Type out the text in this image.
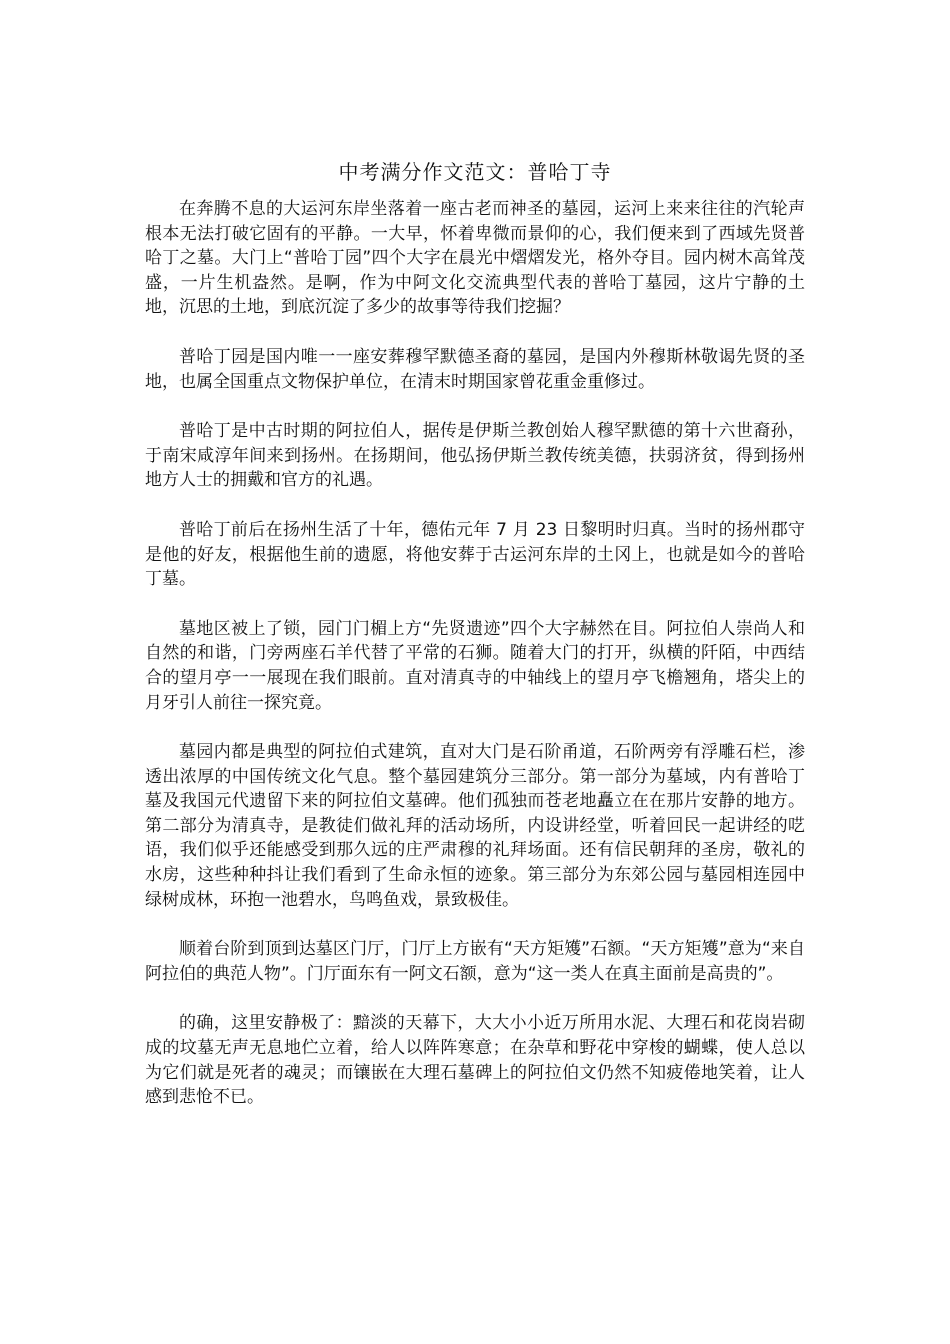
中考满分作文范文：普哈丁寺

在奔腾不息的大运河东岸坐落着一座古老而神圣的墓园，运河上来来往往的汽轮声根本无法打破它固有的平静。一大早，怀着卑微而景仰的心，我们便来到了西域先贤普哈丁之墓。大门上“普哈丁园”四个大字在晨光中熠熠发光，格外夺目。园内树木高耸茂盛，一片生机盎然。是啊，作为中阿文化交流典型代表的普哈丁墓园，这片宁静的土地，沉思的土地，到底沉淀了多少的故事等待我们挖掘？

普哈丁园是国内唯一一座安葬穆罕默德圣裔的墓园，是国内外穆斯林敬谒先贤的圣地，也属全国重点文物保护单位，在清末时期国家曾花重金重修过。

普哈丁是中古时期的阿拉伯人，据传是伊斯兰教创始人穆罕默德的第十六世裔孙，于南宋咸淳年间来到扬州。在扬期间，他弘扬伊斯兰教传统美德，扶弱济贫，得到扬州地方人士的拥戴和官方的礼遇。

普哈丁前后在扬州生活了十年，德佑元年 7 月 23 日黎明时归真。当时的扬州郡守是他的好友，根据他生前的遗愿，将他安葬于古运河东岸的土冈上，也就是如今的普哈丁墓。

墓地区被上了锁，园门门楣上方“先贤遗迹”四个大字赫然在目。阿拉伯人崇尚人和自然的和谐，门旁两座石羊代替了平常的石狮。随着大门的打开，纵横的阡陌，中西结合的望月亭一一展现在我们眼前。直对清真寺的中轴线上的望月亭飞檐翘角，塔尖上的月牙引人前往一探究竟。

墓园内都是典型的阿拉伯式建筑，直对大门是石阶甬道，石阶两旁有浮雕石栏，渗透出浓厚的中国传统文化气息。整个墓园建筑分三部分。第一部分为墓域，内有普哈丁墓及我国元代遗留下来的阿拉伯文墓碑。他们孤独而苍老地矗立在在那片安静的地方。第二部分为清真寺，是教徒们做礼拜的活动场所，内设讲经堂，听着回民一起讲经的呓语，我们似乎还能感受到那久远的庄严肃穆的礼拜场面。还有信民朝拜的圣房，敬礼的水房，这些种种抖让我们看到了生命永恒的迹象。第三部分为东郊公园与墓园相连园中绿树成林，环抱一池碧水，鸟鸣鱼戏，景致极佳。

顺着台阶到顶到达墓区门厅，门厅上方嵌有“天方矩矱”石额。“天方矩矱”意为“来自阿拉伯的典范人物”。门厅面东有一阿文石额，意为“这一类人在真主面前是高贵的”。

的确，这里安静极了：黯淡的天幕下，大大小小近万所用水泥、大理石和花岗岩砌成的坟墓无声无息地伫立着，给人以阵阵寒意；在杂草和野花中穿梭的蝴蝶，使人总以为它们就是死者的魂灵；而镶嵌在大理石墓碑上的阿拉伯文仍然不知疲倦地笑着，让人感到悲怆不已。
